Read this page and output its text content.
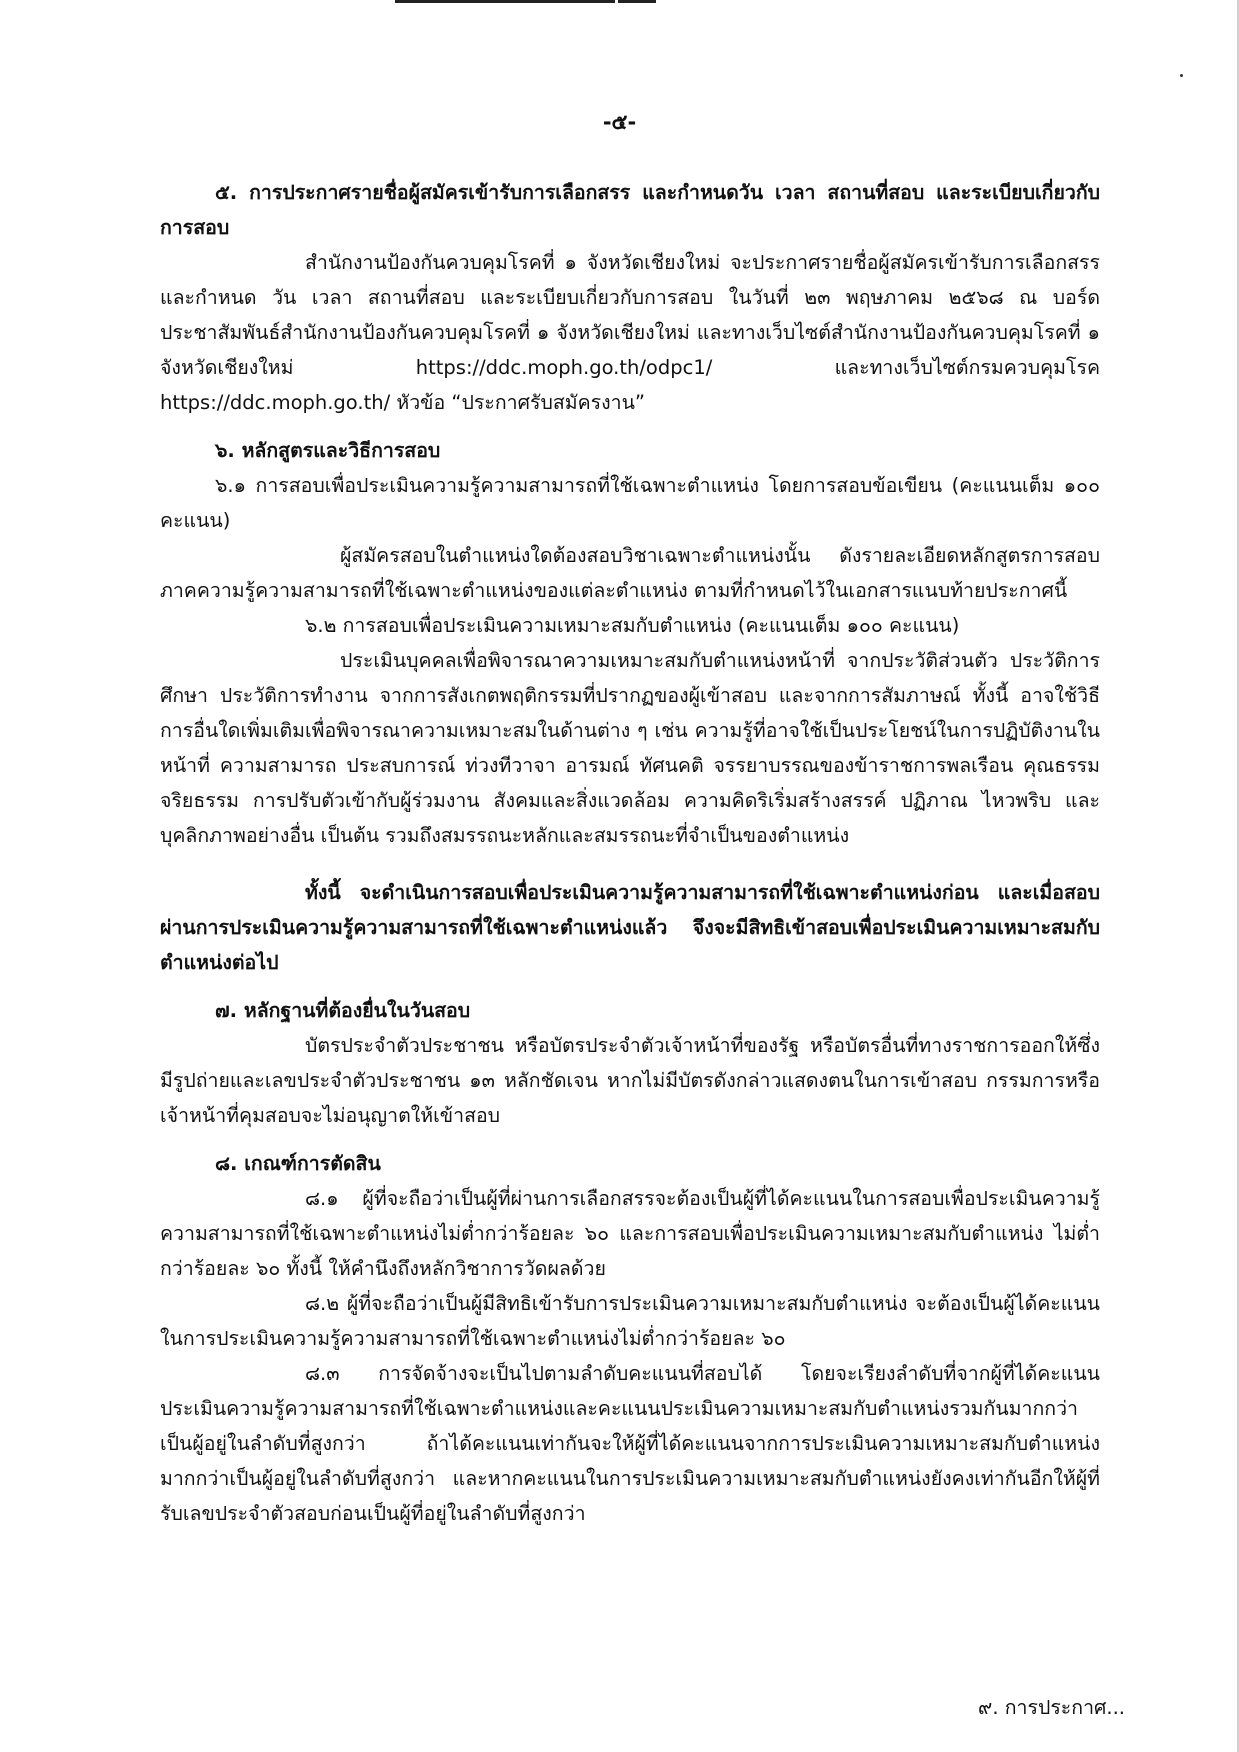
-๕-

๕. การประกาศรายชื่อผู้สมัครเข้ารับการเลือกสรร และกำหนดวัน เวลา สถานที่สอบ และระเบียบเกี่ยวกับการสอบ

สำนักงานป้องกันควบคุมโรคที่ ๑ จังหวัดเชียงใหม่ จะประกาศรายชื่อผู้สมัครเข้ารับการเลือกสรร และกำหนด วัน เวลา สถานที่สอบ และระเบียบเกี่ยวกับการสอบ ในวันที่ ๒๓ พฤษภาคม ๒๕๖๘ ณ บอร์ดประชาสัมพันธ์สำนักงานป้องกันควบคุมโรคที่ ๑ จังหวัดเชียงใหม่ และทางเว็บไซต์สำนักงานป้องกันควบคุมโรคที่ ๑ จังหวัดเชียงใหม่ https://ddc.moph.go.th/odpc1/ และทางเว็บไซต์กรมควบคุมโรค https://ddc.moph.go.th/ หัวข้อ “ประกาศรับสมัครงาน”

๖. หลักสูตรและวิธีการสอบ

๖.๑ การสอบเพื่อประเมินความรู้ความสามารถที่ใช้เฉพาะตำแหน่ง โดยการสอบข้อเขียน (คะแนนเต็ม ๑๐๐ คะแนน)

ผู้สมัครสอบในตำแหน่งใดต้องสอบวิชาเฉพาะตำแหน่งนั้น ดังรายละเอียดหลักสูตรการสอบภาคความรู้ความสามารถที่ใช้เฉพาะตำแหน่งของแต่ละตำแหน่ง ตามที่กำหนดไว้ในเอกสารแนบท้ายประกาศนี้

๖.๒ การสอบเพื่อประเมินความเหมาะสมกับตำแหน่ง (คะแนนเต็ม ๑๐๐ คะแนน)

ประเมินบุคคลเพื่อพิจารณาความเหมาะสมกับตำแหน่งหน้าที่ จากประวัติส่วนตัว ประวัติการศึกษา ประวัติการทำงาน จากการสังเกตพฤติกรรมที่ปรากฏของผู้เข้าสอบ และจากการสัมภาษณ์ ทั้งนี้ อาจใช้วิธีการอื่นใดเพิ่มเติมเพื่อพิจารณาความเหมาะสมในด้านต่าง ๆ เช่น ความรู้ที่อาจใช้เป็นประโยชน์ในการปฏิบัติงานในหน้าที่ ความสามารถ ประสบการณ์ ท่วงทีวาจา อารมณ์ ทัศนคติ จรรยาบรรณของข้าราชการพลเรือน คุณธรรมจริยธรรม การปรับตัวเข้ากับผู้ร่วมงาน สังคมและสิ่งแวดล้อม ความคิดริเริ่มสร้างสรรค์ ปฏิภาณ ไหวพริบ และบุคลิกภาพอย่างอื่น เป็นต้น รวมถึงสมรรถนะหลักและสมรรถนะที่จำเป็นของตำแหน่ง

ทั้งนี้ จะดำเนินการสอบเพื่อประเมินความรู้ความสามารถที่ใช้เฉพาะตำแหน่งก่อน และเมื่อสอบผ่านการประเมินความรู้ความสามารถที่ใช้เฉพาะตำแหน่งแล้ว จึงจะมีสิทธิเข้าสอบเพื่อประเมินความเหมาะสมกับตำแหน่งต่อไป

๗. หลักฐานที่ต้องยื่นในวันสอบ

บัตรประจำตัวประชาชน หรือบัตรประจำตัวเจ้าหน้าที่ของรัฐ หรือบัตรอื่นที่ทางราชการออกให้ซึ่งมีรูปถ่ายและเลขประจำตัวประชาชน ๑๓ หลักชัดเจน หากไม่มีบัตรดังกล่าวแสดงตนในการเข้าสอบ กรรมการหรือเจ้าหน้าที่คุมสอบจะไม่อนุญาตให้เข้าสอบ

๘. เกณฑ์การตัดสิน

๘.๑ ผู้ที่จะถือว่าเป็นผู้ที่ผ่านการเลือกสรรจะต้องเป็นผู้ที่ได้คะแนนในการสอบเพื่อประเมินความรู้ความสามารถที่ใช้เฉพาะตำแหน่งไม่ต่ำกว่าร้อยละ ๖๐ และการสอบเพื่อประเมินความเหมาะสมกับตำแหน่ง ไม่ต่ำกว่าร้อยละ ๖๐ ทั้งนี้ ให้คำนึงถึงหลักวิชาการวัดผลด้วย

๘.๒ ผู้ที่จะถือว่าเป็นผู้มีสิทธิเข้ารับการประเมินความเหมาะสมกับตำแหน่ง จะต้องเป็นผู้ได้คะแนนในการประเมินความรู้ความสามารถที่ใช้เฉพาะตำแหน่งไม่ต่ำกว่าร้อยละ ๖๐

๘.๓ การจัดจ้างจะเป็นไปตามลำดับคะแนนที่สอบได้ โดยจะเรียงลำดับที่จากผู้ที่ได้คะแนนประเมินความรู้ความสามารถที่ใช้เฉพาะตำแหน่งและคะแนนประเมินความเหมาะสมกับตำแหน่งรวมกันมากกว่าเป็นผู้อยู่ในลำดับที่สูงกว่า ถ้าได้คะแนนเท่ากันจะให้ผู้ที่ได้คะแนนจากการประเมินความเหมาะสมกับตำแหน่งมากกว่าเป็นผู้อยู่ในลำดับที่สูงกว่า และหากคะแนนในการประเมินความเหมาะสมกับตำแหน่งยังคงเท่ากันอีกให้ผู้ที่รับเลขประจำตัวสอบก่อนเป็นผู้ที่อยู่ในลำดับที่สูงกว่า

๙. การประกาศ...
